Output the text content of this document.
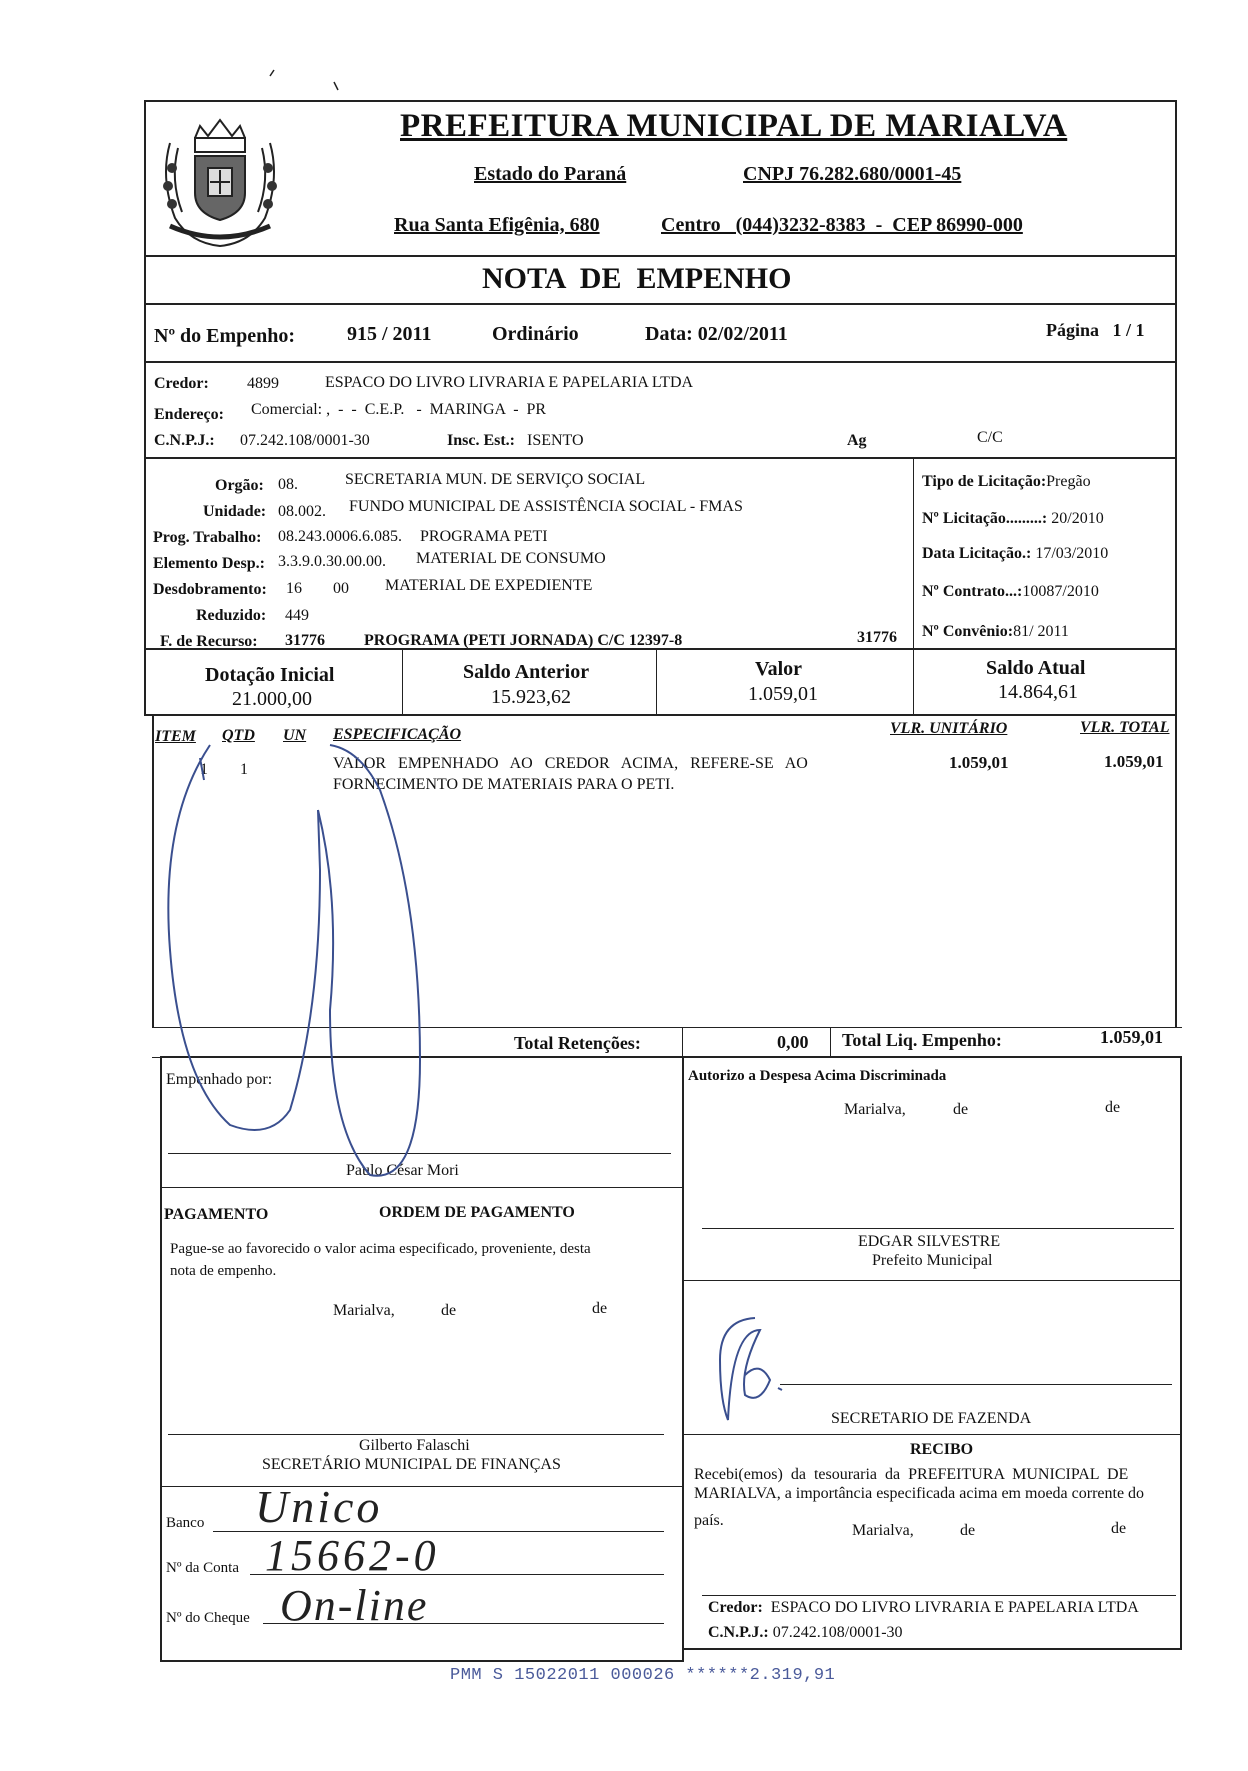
PREFEITURA MUNICIPAL DE MARIALVA
Estado do Paraná	CNPJ 76.282.680/0001-45
Rua Santa Efigênia, 680	Centro   (044)3232-8383  -  CEP 86990-000
NOTA  DE  EMPENHO
Nº do Empenho:	915 / 2011	Ordinário	Data: 02/02/2011	Página   1 / 1
Credor: 4899	ESPACO DO LIVRO LIVRARIA E PAPELARIA LTDA
Endereço: Comercial: ,  -  -  C.E.P.   -  MARINGA  -  PR
C.N.P.J.: 07.242.108/0001-30	Insc. Est.: ISENTO	Ag	C/C
Orgão: 08.	SECRETARIA MUN. DE SERVIÇO SOCIAL
Unidade: 08.002. FUNDO MUNICIPAL DE ASSISTÊNCIA SOCIAL - FMAS
Prog. Trabalho: 08.243.0006.6.085. PROGRAMA PETI
Elemento Desp.: 3.3.9.0.30.00.00. MATERIAL DE CONSUMO
Desdobramento: 16 00 MATERIAL DE EXPEDIENTE
Reduzido: 449
F. de Recurso: 31776 PROGRAMA (PETI JORNADA) C/C 12397-8	31776
Tipo de Licitação:Pregão
Nº Licitação.........: 20/2010
Data Licitação.: 17/03/2010
Nº Contrato...:10087/2010
Nº Convênio:81/ 2011
Dotação Inicial
21.000,00
Saldo Anterior
15.923,62
Valor
1.059,01
Saldo Atual
14.864,61
ITEM QTD UN ESPECIFICAÇÃO	VLR. UNITÁRIO	VLR. TOTAL
1 1	VALOR   EMPENHADO   AO   CREDOR   ACIMA,   REFERE-SE   AO
FORNECIMENTO DE MATERIAIS PARA O PETI.
1.059,01	1.059,01
Total Retenções:	0,00 Total Liq. Empenho:	1.059,01
Empenhado por:
Paulo César Mori
PAGAMENTO	ORDEM DE PAGAMENTO
Pague-se ao favorecido o valor acima especificado, proveniente, desta
nota de empenho.
Marialva,	de	de
Gilberto Falaschi
SECRETÁRIO MUNICIPAL DE FINANÇAS
Banco Unico
Nº da Conta 15662-0
Nº do Cheque On-line
Autorizo a Despesa Acima Discriminada
Marialva,	de	de
EDGAR SILVESTRE
Prefeito Municipal
SECRETARIO DE FAZENDA
RECIBO
Recebi(emos)  da  tesouraria  da  PREFEITURA  MUNICIPAL  DE
MARIALVA, a importância especificada acima em moeda corrente do
país.
Marialva,	de	de
Credor: ESPACO DO LIVRO LIVRARIA E PAPELARIA LTDA
C.N.P.J.: 07.242.108/0001-30
PMM S 15022011 000026 ******2.319,91
